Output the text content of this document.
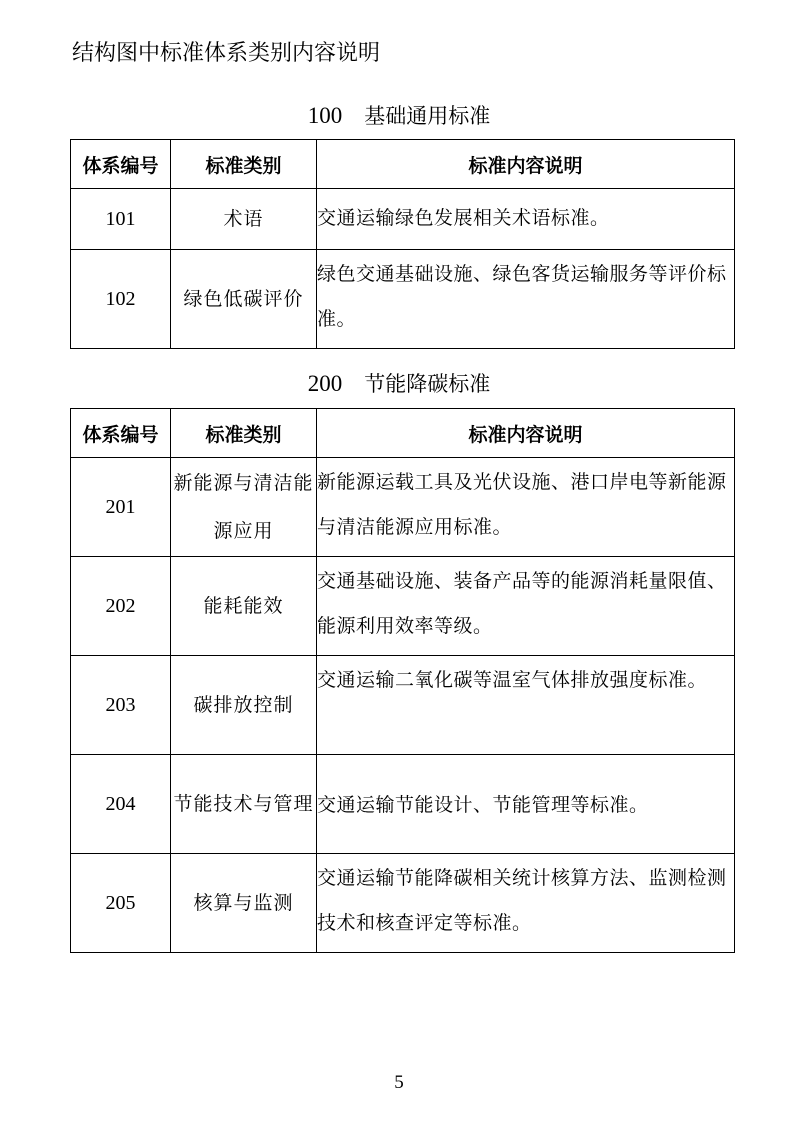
结构图中标准体系类别内容说明
100 基础通用标准
体系编号	标准类别	标准内容说明
101	术语	交通运输绿色发展相关术语标准。
102	绿色低碳评价	绿色交通基础设施、绿色客货运输服务等评价标准。
200 节能降碳标准
体系编号	标准类别	标准内容说明
201	新能源与清洁能源应用	新能源运载工具及光伏设施、港口岸电等新能源与清洁能源应用标准。
202	能耗能效	交通基础设施、装备产品等的能源消耗量限值、能源利用效率等级。
203	碳排放控制	交通运输二氧化碳等温室气体排放强度标准。
204	节能技术与管理	交通运输节能设计、节能管理等标准。
205	核算与监测	交通运输节能降碳相关统计核算方法、监测检测技术和核查评定等标准。
5
